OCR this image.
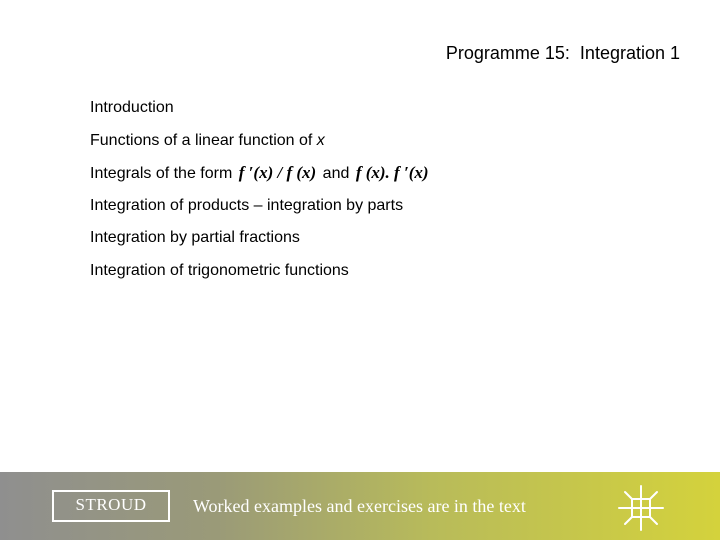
Programme 15:  Integration 1
Introduction
Functions of a linear function of x
Integrals of the form f ′(x) / f (x) and f (x). f ′(x)
Integration of products – integration by parts
Integration by partial fractions
Integration of trigonometric functions
STROUD	Worked examples and exercises are in the text
